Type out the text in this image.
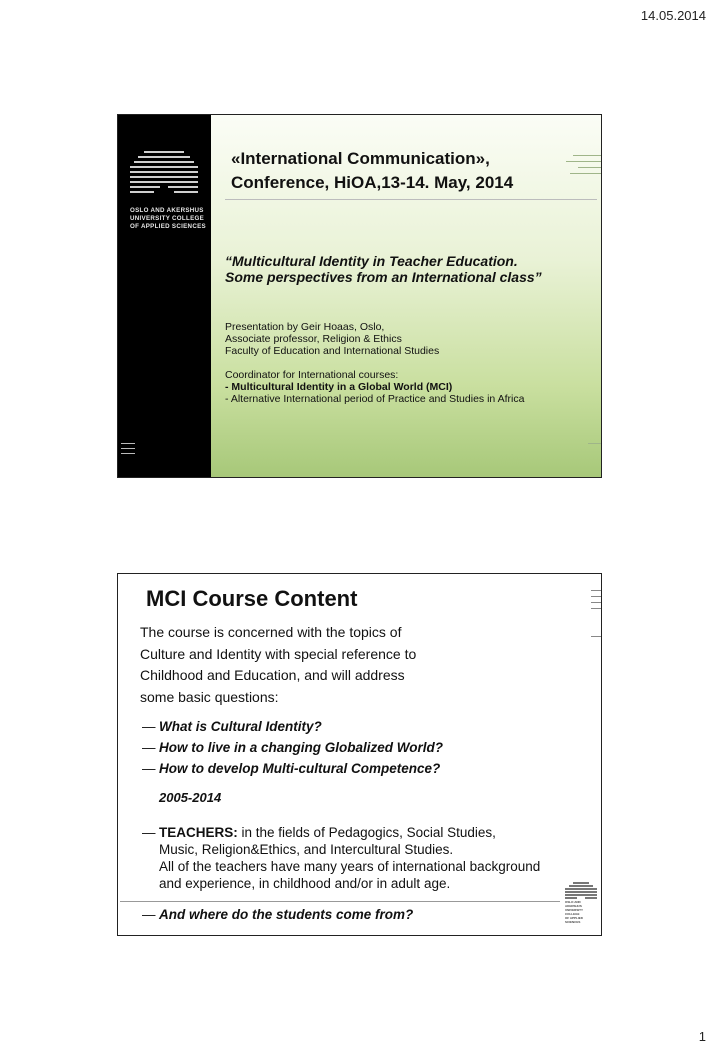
14.05.2014
OSLO AND AKERSHUS
UNIVERSITY COLLEGE
OF APPLIED SCIENCES
«International Communication»,
Conference, HiOA,13-14. May, 2014
“Multicultural Identity in Teacher Education.
Some perspectives from an International class”
Presentation by Geir Hoaas, Oslo,
Associate professor, Religion & Ethics
Faculty of Education and International Studies
Coordinator for International courses:
- Multicultural Identity in a Global World (MCI)
- Alternative International period of Practice and Studies in Africa
MCI Course Content
The course is concerned with the topics of
Culture and Identity with special reference to
Childhood and Education, and will address
some basic questions:
— What is Cultural Identity?
— How to live in a changing Globalized World?
— How to develop Multi-cultural Competence?
2005-2014
— TEACHERS: in the fields of Pedagogics, Social Studies,
Music, Religion&Ethics, and Intercultural Studies.
All of the teachers have many years of international background
and experience, in childhood and/or in adult age.
— And where do the students come from?
OSLO AND AKERSHUS
UNIVERSITY COLLEGE
OF APPLIED SCIENCES
1
